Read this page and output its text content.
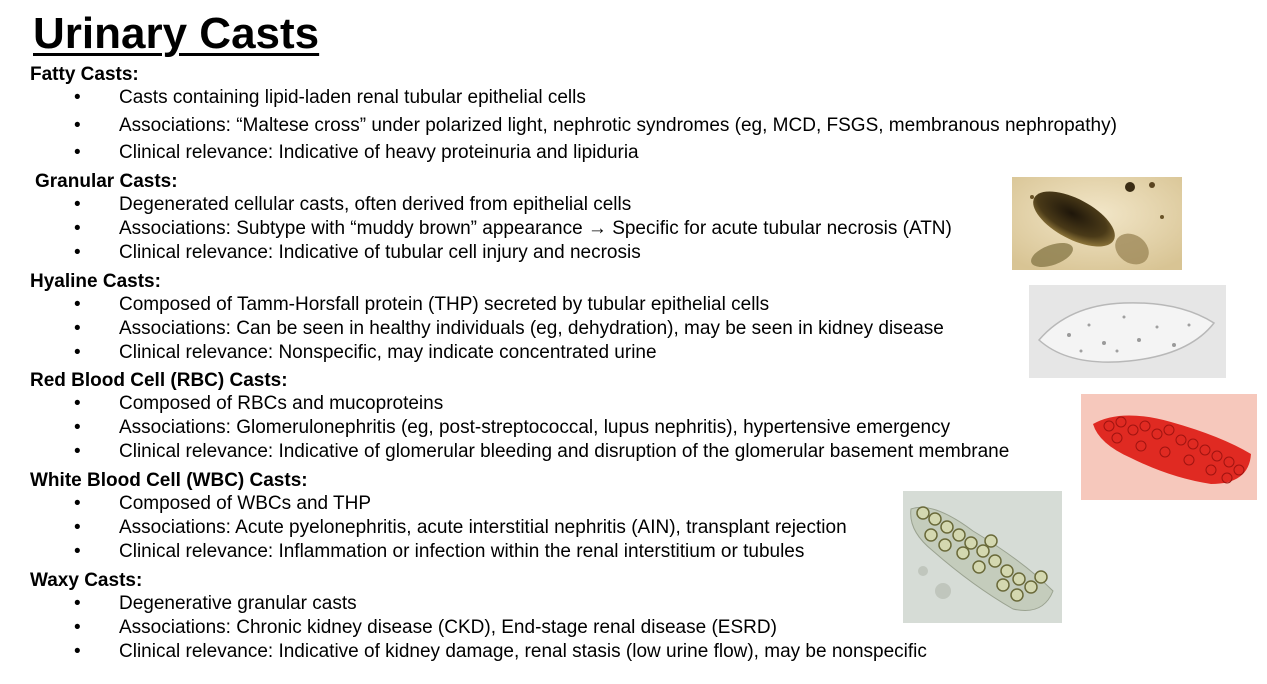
Urinary Casts
Fatty Casts:
• Casts containing lipid-laden renal tubular epithelial cells
• Associations: “Maltese cross” under polarized light, nephrotic syndromes (eg, MCD, FSGS, membranous nephropathy)
• Clinical relevance: Indicative of heavy proteinuria and lipiduria
Granular Casts:
• Degenerated cellular casts, often derived from epithelial cells
• Associations: Subtype with “muddy brown” appearance → Specific for acute tubular necrosis (ATN)
• Clinical relevance: Indicative of tubular cell injury and necrosis
Hyaline Casts:
• Composed of Tamm-Horsfall protein (THP) secreted by tubular epithelial cells
• Associations: Can be seen in healthy individuals (eg, dehydration), may be seen in kidney disease
• Clinical relevance: Nonspecific, may indicate concentrated urine
Red Blood Cell (RBC) Casts:
• Composed of RBCs and mucoproteins
• Associations: Glomerulonephritis (eg, post-streptococcal, lupus nephritis), hypertensive emergency
• Clinical relevance: Indicative of glomerular bleeding and disruption of the glomerular basement membrane
White Blood Cell (WBC) Casts:
• Composed of WBCs and THP
• Associations: Acute pyelonephritis, acute interstitial nephritis (AIN), transplant rejection
• Clinical relevance: Inflammation or infection within the renal interstitium or tubules
Waxy Casts:
• Degenerative granular casts
• Associations: Chronic kidney disease (CKD), End-stage renal disease (ESRD)
• Clinical relevance: Indicative of kidney damage, renal stasis (low urine flow), may be nonspecific
